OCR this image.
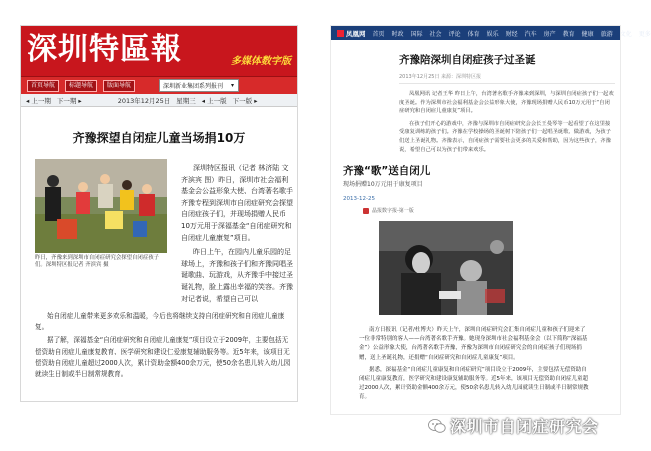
深圳特區報	多媒体数字版
首页导航	标题导航	版面导航	深圳新业集团系列报刊	▾
◂ 上一期 下一期 ▸	2013年12月25日 星期三 ◂ 上一版 下一版 ▸
齐豫探望自闭症儿童当场捐10万
昨日，齐豫来到深圳市自闭症研究会探望自闭症孩子们。深圳特区报记者 齐滨宾 摄

深圳特区报讯（记者 林济陆 文 齐滨宾 图）昨日，深圳市社会福利基金会公益形象大使、台湾著名歌手齐豫专程到深圳市自闭症研究会探望自闭症孩子们，并现场捐赠人民币10万元用于深福基金“自闭症研究和自闭症儿童康复”项目。

昨日上午，在园内儿童乐园的足球场上，齐豫和孩子们和齐豫同唱圣诞歌曲、玩游戏，从齐豫手中接过圣诞礼物，脸上露出幸福的笑容。齐豫对记者说，希望自己可以

始自闭症儿童带来更多欢乐和温暖，今后也将继续支持自闭症研究和自闭症儿童康复。

据了解，深福基金“自闭症研究和自闭症儿童康复”项目设立于2009年，主要包括无偿资助自闭症儿童康复教育、医学研究和建设仁爱康复辅助服务等。近5年来，该项目无偿资助自闭症儿童超过2000人次，累计资助金额400余万元，使50余名患儿转入幼儿园就读生日制或半日制常规教育。

凤凰网 首页 时政 国际 社会 评论 体育 娱乐 财经 汽车 房产 教育 健康 旅游 文化 更多
齐豫陪深圳自闭症孩子过圣诞
2013年12月25日 来源：深圳特区报

凤凰网讯 记者王华 昨日上午，台湾著名歌手齐豫来到深圳，与深圳自闭症孩子们一起欢度圣诞。作为深圳市社会福利基金会公益形象大使，齐豫现场捐赠人民币10万元用于“自闭症研究和自闭症儿童康复”项目。

在孩子们开心的游戏中，齐豫与深圳市自闭症研究会会长王曼琴等一起看望了在这里接受康复训练的孩子们。齐豫在学校操场的圣诞树下陪孩子们一起唱圣诞歌、做游戏，为孩子们送上圣诞礼物。齐豫表示，自闭症孩子需要社会更多的关爱和帮助，因为这些孩子，齐豫说，希望自己可以为孩子们带来欢乐。

齐豫“歌”送自闭儿
现场捐赠10万元用于康复项目
2013-12-25
晶报数字报-第一版

南方日报讯（记者/杜博夫）昨天上午，深圳自闭症研究会汇集自闭症儿童和孩子们迎来了一位非常特别的客人——台湾著名歌手齐豫。她现身深圳市社会福利基金会（以下简称“深福基金”）公益形象大使，台湾著名歌手齐豫，齐豫为深圳市自闭症研究会的自闭症孩子们现场捐赠，送上圣诞礼物，还捐赠“自闭症研究和自闭症儿童康复”项目。

据悉，深福基金“自闭症儿童康复和自闭症研究”项目设立于2009年，主要包括无偿资助自闭症儿童康复教育，医学研究和建设康复辅助服务等。近5年来，该项目无偿资助自闭症儿童超过2000人次，累计资助金额400余万元，使50余名患儿转入幼儿园就读生日制或半日制常规教育。

深圳市自闭症研究会
